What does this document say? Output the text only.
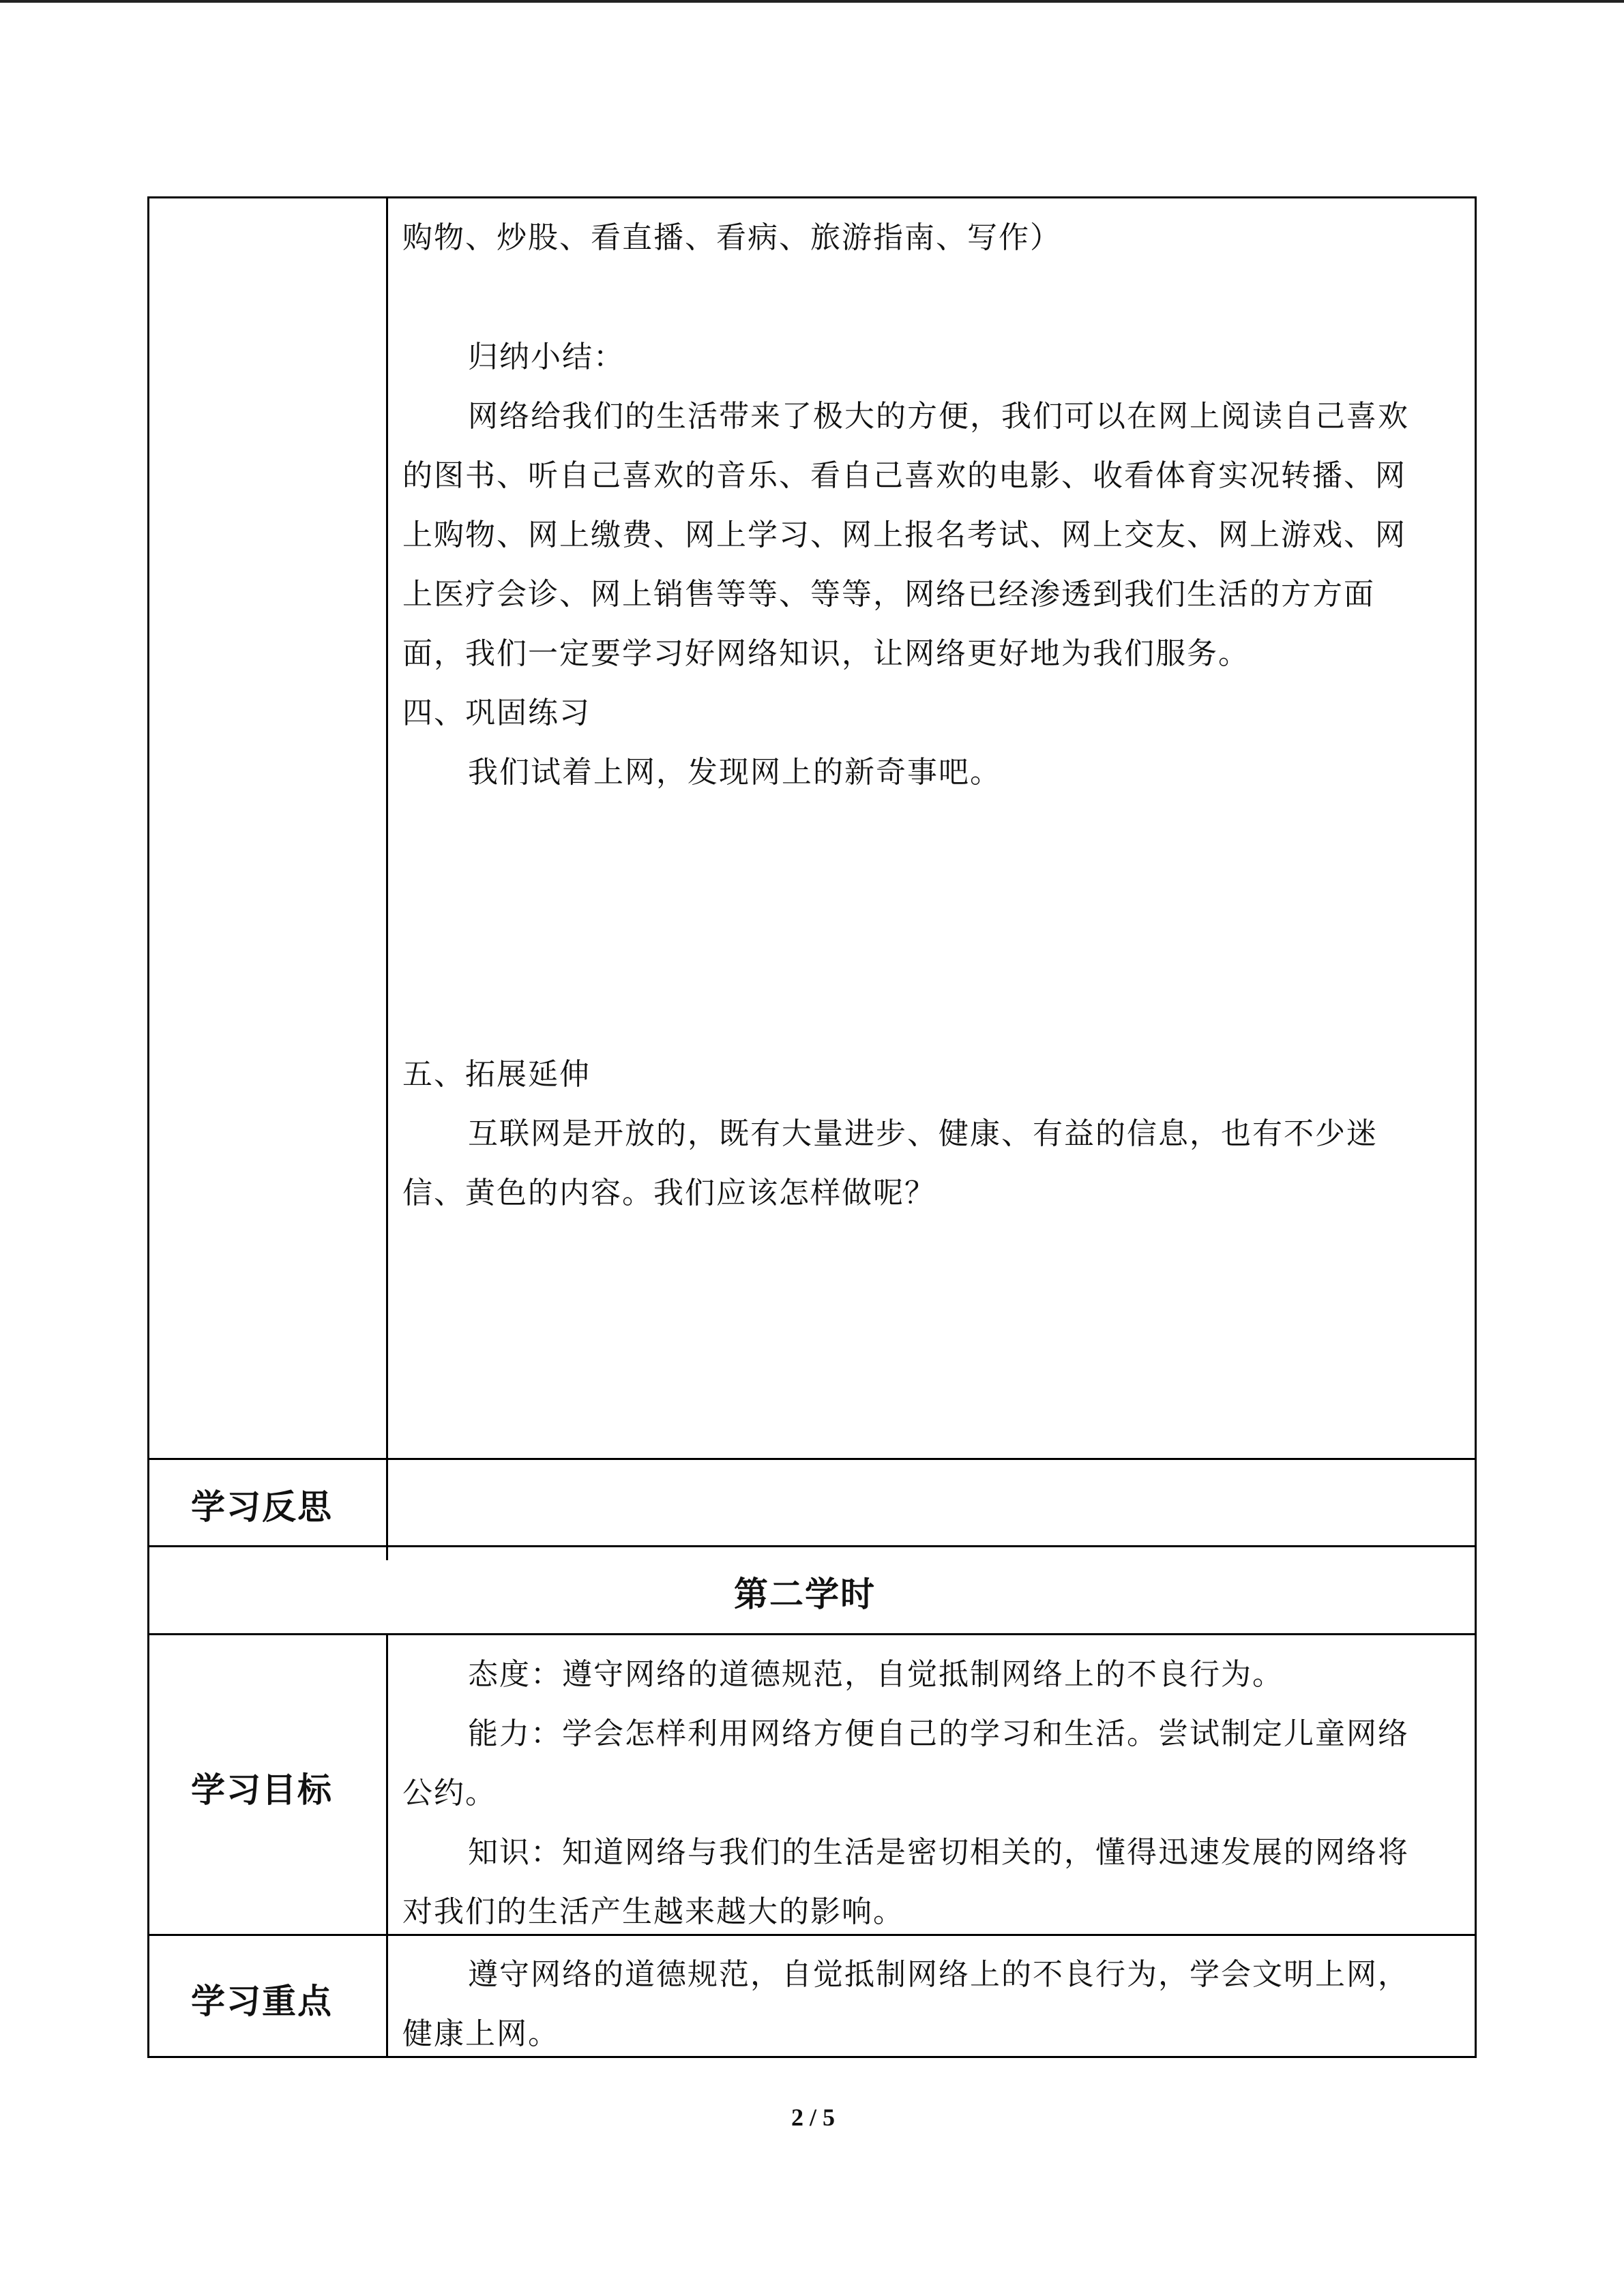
购物、炒股、看直播、看病、旅游指南、写作）
归纳小结：
网络给我们的生活带来了极大的方便，我们可以在网上阅读自己喜欢
的图书、听自己喜欢的音乐、看自己喜欢的电影、收看体育实况转播、网
上购物、网上缴费、网上学习、网上报名考试、网上交友、网上游戏、网
上医疗会诊、网上销售等等、等等，网络已经渗透到我们生活的方方面
面，我们一定要学习好网络知识，让网络更好地为我们服务。
四、巩固练习
我们试着上网，发现网上的新奇事吧。
五、拓展延伸
互联网是开放的，既有大量进步、健康、有益的信息，也有不少迷
信、黄色的内容。我们应该怎样做呢？
学习反思
第二学时
学习目标
态度：遵守网络的道德规范，自觉抵制网络上的不良行为。
能力：学会怎样利用网络方便自己的学习和生活。尝试制定儿童网络
公约。
知识：知道网络与我们的生活是密切相关的，懂得迅速发展的网络将
对我们的生活产生越来越大的影响。
学习重点
遵守网络的道德规范，自觉抵制网络上的不良行为，学会文明上网，
健康上网。
2 / 5
